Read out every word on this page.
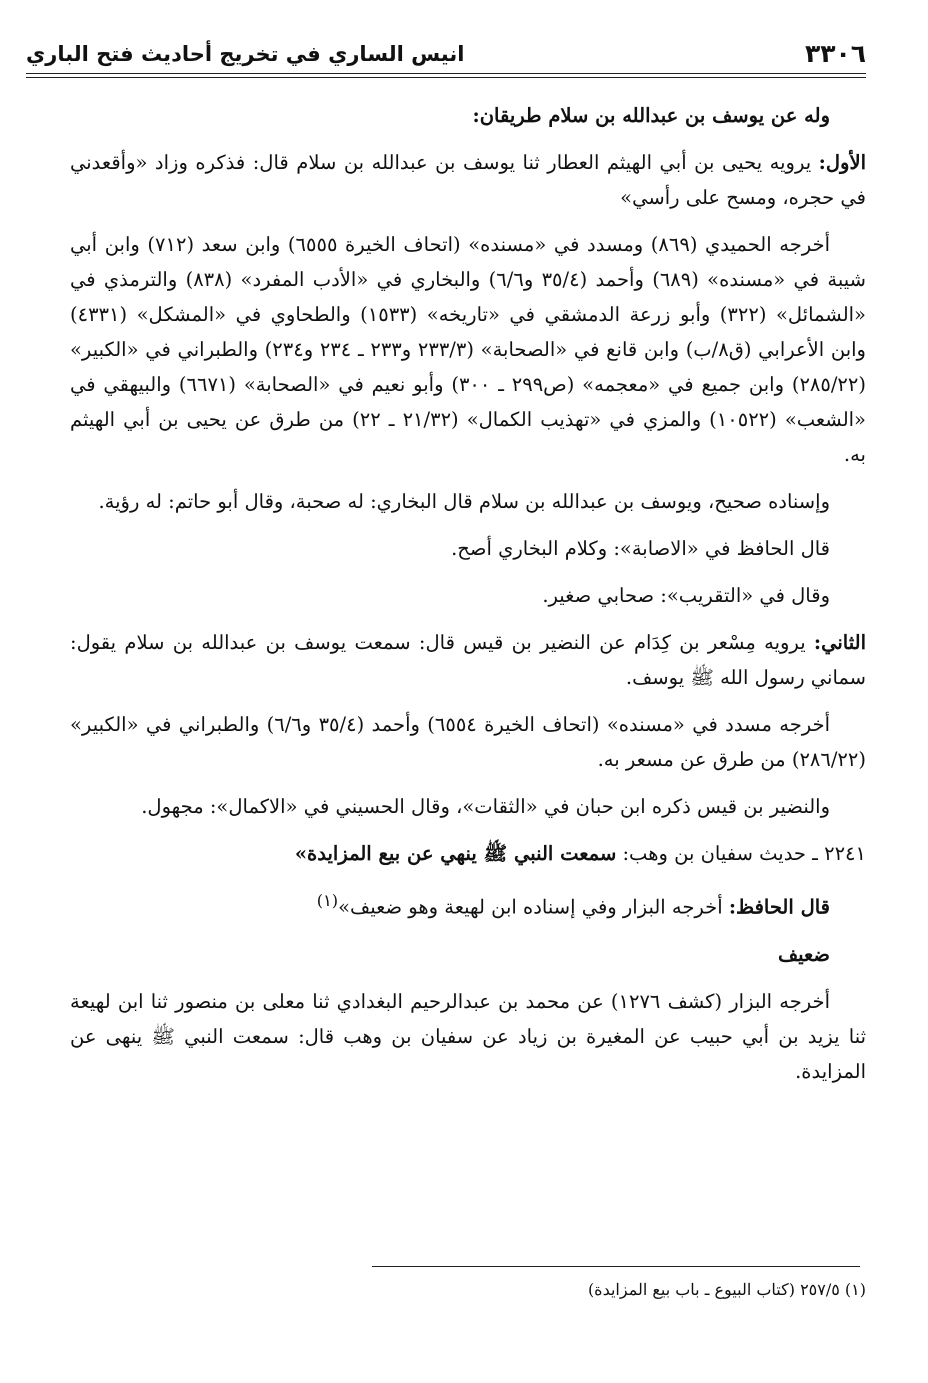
٣٣٠٦
انيس الساري في تخريج أحاديث فتح الباري

وله عن يوسف بن عبدالله بن سلام طريقان:

الأول: يرويه يحيى بن أبي الهيثم العطار ثنا يوسف بن عبدالله بن سلام قال: فذكره وزاد «وأقعدني في حجره، ومسح على رأسي»

أخرجه الحميدي (٨٦٩) ومسدد في «مسنده» (اتحاف الخيرة ٦٥٥٥) وابن سعد (٧١٢) وابن أبي شيبة في «مسنده» (٦٨٩) وأحمد (٣٥/٤ و٦/٦) والبخاري في «الأدب المفرد» (٨٣٨) والترمذي في «الشمائل» (٣٢٢) وأبو زرعة الدمشقي في «تاريخه» (١٥٣٣) والطحاوي في «المشكل» (٤٣٣١) وابن الأعرابي (ق٨/ب) وابن قانع في «الصحابة» (٢٣٣/٣ و٢٣٣ ـ ٢٣٤ و٢٣٤) والطبراني في «الكبير» (٢٨٥/٢٢) وابن جميع في «معجمه» (ص٢٩٩ ـ ٣٠٠) وأبو نعيم في «الصحابة» (٦٦٧١) والبيهقي في «الشعب» (١٠٥٢٢) والمزي في «تهذيب الكمال» (٢١/٣٢ ـ ٢٢) من طرق عن يحيى بن أبي الهيثم به.

وإسناده صحيح، ويوسف بن عبدالله بن سلام قال البخاري: له صحبة، وقال أبو حاتم: له رؤية.

قال الحافظ في «الاصابة»: وكلام البخاري أصح.

وقال في «التقريب»: صحابي صغير.

الثاني: يرويه مِسْعر بن كِدَام عن النضير بن قيس قال: سمعت يوسف بن عبدالله بن سلام يقول: سماني رسول الله ﷺ يوسف.

أخرجه مسدد في «مسنده» (اتحاف الخيرة ٦٥٥٤) وأحمد (٣٥/٤ و٦/٦) والطبراني في «الكبير» (٢٨٦/٢٢) من طرق عن مسعر به.

والنضير بن قيس ذكره ابن حبان في «الثقات»، وقال الحسيني في «الاكمال»: مجهول.

٢٢٤١ ـ حديث سفيان بن وهب: سمعت النبي ﷺ ينهي عن بيع المزايدة»

قال الحافظ: أخرجه البزار وفي إسناده ابن لهيعة وهو ضعيف»$^{(١)}$

ضعيف

أخرجه البزار (كشف ١٢٧٦) عن محمد بن عبدالرحيم البغدادي ثنا معلى بن منصور ثنا ابن لهيعة ثنا يزيد بن أبي حبيب عن المغيرة بن زياد عن سفيان بن وهب قال: سمعت النبي ﷺ ينهى عن المزايدة.

(١) ٢٥٧/٥ (كتاب البيوع ـ باب بيع المزايدة)
